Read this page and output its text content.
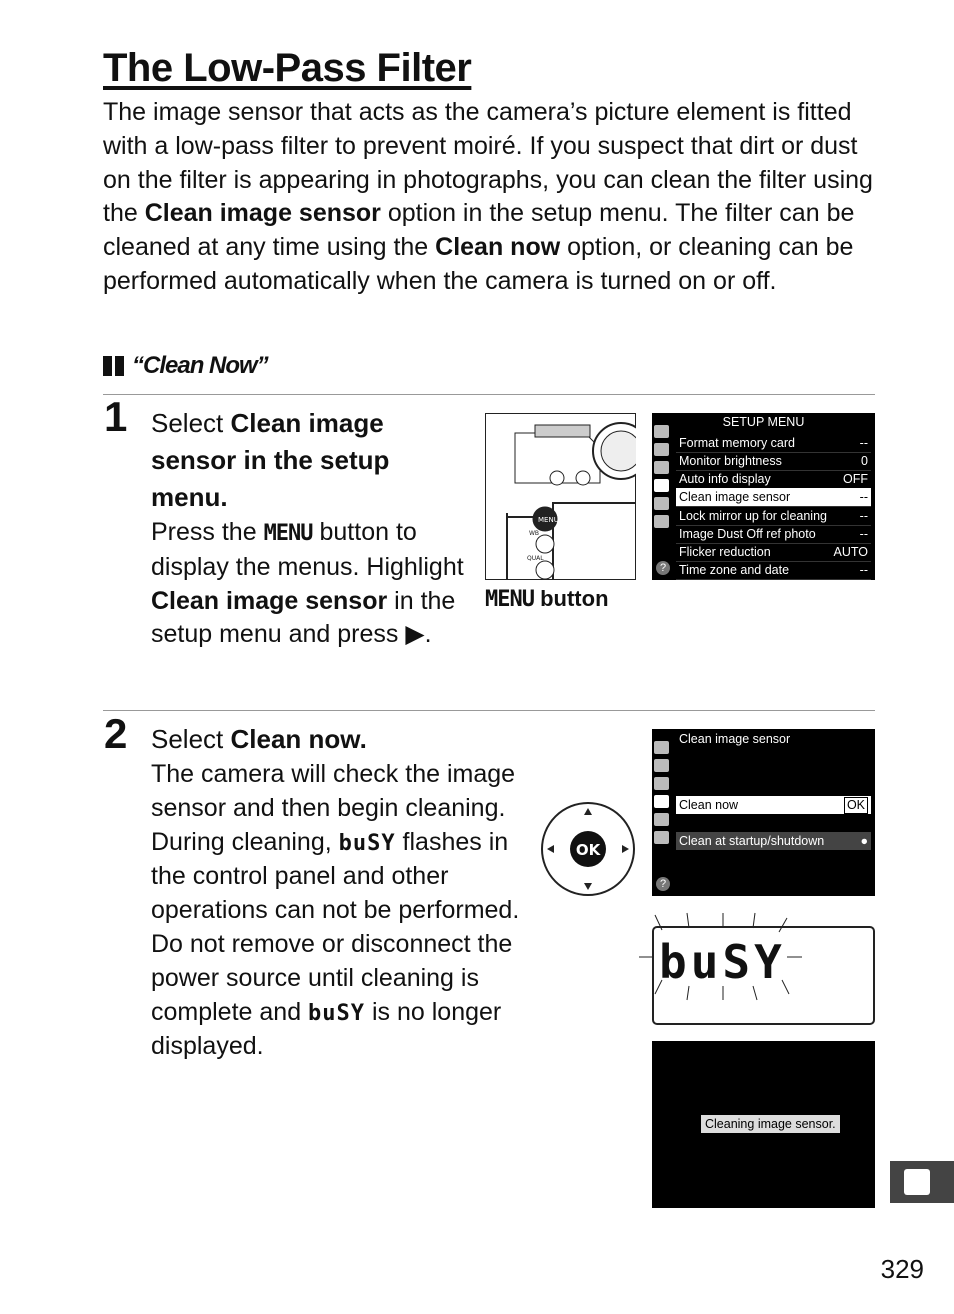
The Low-Pass Filter
The image sensor that acts as the camera’s picture element is fitted with a low-pass filter to prevent moiré. If you suspect that dirt or dust on the filter is appearing in photographs, you can clean the filter using the Clean image sensor option in the setup menu. The filter can be cleaned at any time using the Clean now option, or cleaning can be performed automatically when the camera is turned on or off.
“Clean Now”
1 Select Clean image sensor in the setup menu.
Press the MENU button to display the menus. Highlight Clean image sensor in the setup menu and press ▶.
MENU
WB
QUAL
MENU button
SETUP MENU
?
Format memory card	--
Monitor brightness	0
Auto info display	OFF
Clean image sensor	--
Lock mirror up for cleaning	--
Image Dust Off ref photo	--
Flicker reduction	AUTO
Time zone and date	--
2 Select Clean now.
The camera will check the image sensor and then begin cleaning. During cleaning, buSY flashes in the control panel and other operations can not be performed. Do not remove or disconnect the power source until cleaning is complete and buSY is no longer displayed.
OK
Clean image sensor
?
Clean now	OK
Clean at startup/shutdown	●
buSY
Cleaning image sensor.
329
